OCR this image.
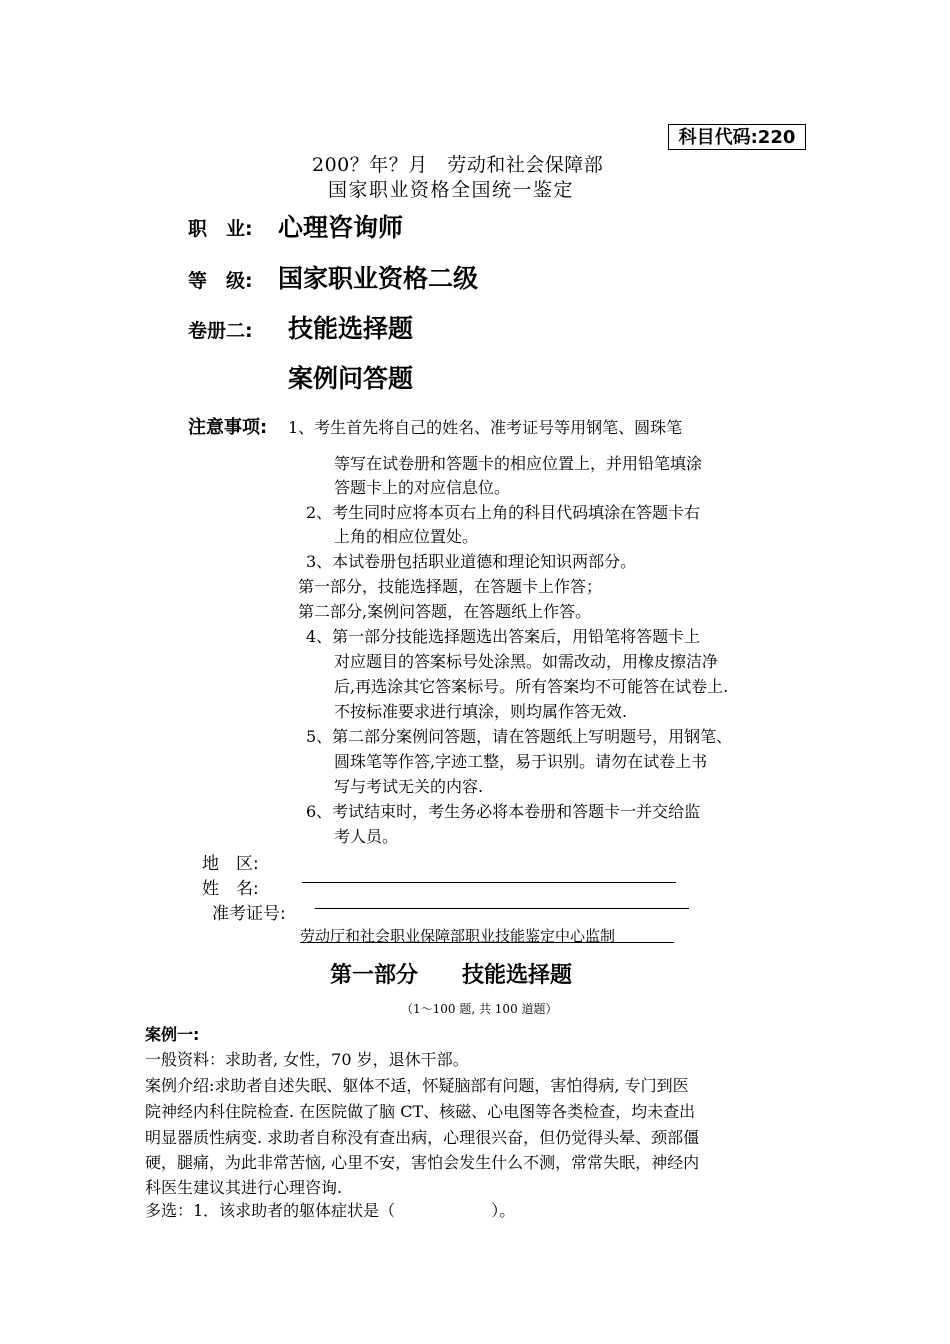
科目代码:220
200？年？月　劳动和社会保障部
国家职业资格全国统一鉴定
职　业: 心理咨询师
等　级: 国家职业资格二级
卷册二: 技能选择题
案例问答题
注意事项: 1、考生首先将自己的姓名、准考证号等用钢笔、圆珠笔
等写在试卷册和答题卡的相应位置上，并用铅笔填涂
答题卡上的对应信息位。
2、考生同时应将本页右上角的科目代码填涂在答题卡右
上角的相应位置处。
3、本试卷册包括职业道德和理论知识两部分。
第一部分，技能选择题，在答题卡上作答；
第二部分,案例问答题，在答题纸上作答。
4、第一部分技能选择题选出答案后，用铅笔将答题卡上
对应题目的答案标号处涂黑。如需改动，用橡皮擦洁净
后,再选涂其它答案标号。所有答案均不可能答在试卷上.
不按标准要求进行填涂，则均属作答无效.
5、第二部分案例问答题，请在答题纸上写明题号，用钢笔、
圆珠笔等作答,字迹工整，易于识别。请勿在试卷上书
写与考试无关的内容.
6、考试结束时，考生务必将本卷册和答题卡一并交给监
考人员。
地　区:
姓　名:
准考证号:
劳动厅和社会职业保障部职业技能鉴定中心监制
第一部分　　技能选择题
（1～100 题, 共 100 道题）
案例一:
一般资料：求助者, 女性，70 岁，退休干部。
案例介绍:求助者自述失眠、躯体不适，怀疑脑部有问题，害怕得病, 专门到医
院神经内科住院检查. 在医院做了脑 CT、核磁、心电图等各类检查，均未查出
明显器质性病变. 求助者自称没有查出病，心理很兴奋，但仍觉得头晕、颈部僵
硬，腿痛，为此非常苦恼, 心里不安，害怕会发生什么不测，常常失眠，神经内
科医生建议其进行心理咨询.
多选：1．该求助者的躯体症状是（	）。
